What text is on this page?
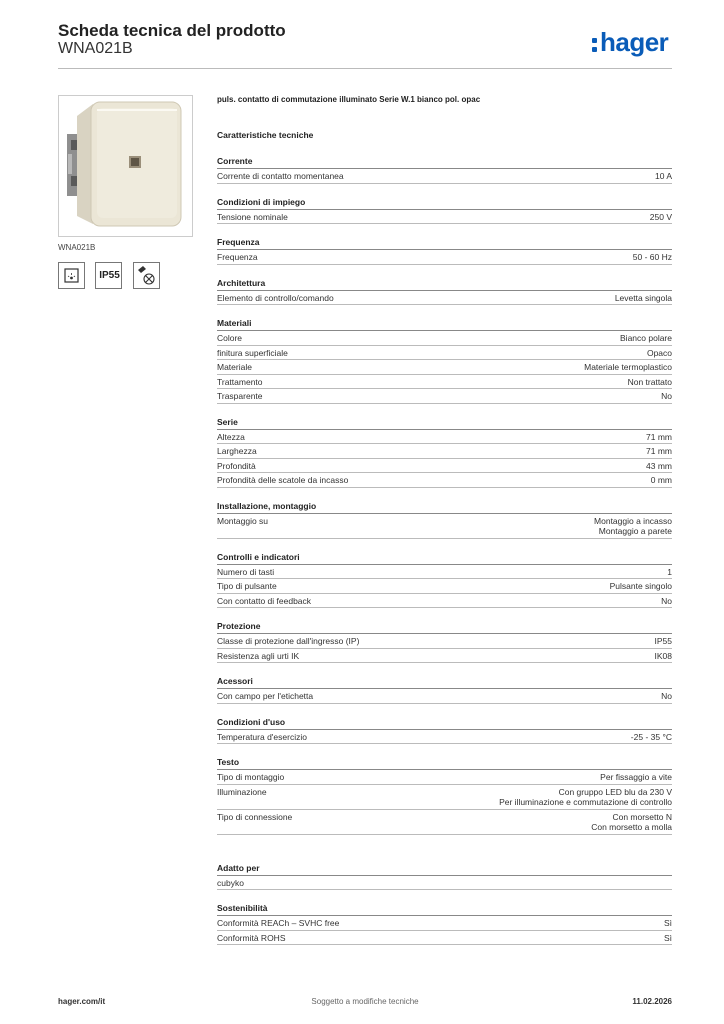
Scheda tecnica del prodotto
WNA021B	hager
WNA021B
IP55
puls. contatto di commutazione illuminato Serie W.1 bianco pol. opac
Caratteristiche tecniche
Corrente
Corrente di contatto momentanea	10 A
Condizioni di impiego
Tensione nominale	250 V
Frequenza
Frequenza	50 - 60 Hz
Architettura
Elemento di controllo/comando	Levetta singola
Materiali
Colore	Bianco polare
finitura superficiale	Opaco
Materiale	Materiale termoplastico
Trattamento	Non trattato
Trasparente	No
Serie
Altezza	71 mm
Larghezza	71 mm
Profondità	43 mm
Profondità delle scatole da incasso	0 mm
Installazione, montaggio
Montaggio su	Montaggio a incasso
Montaggio a parete
Controlli e indicatori
Numero di tasti	1
Tipo di pulsante	Pulsante singolo
Con contatto di feedback	No
Protezione
Classe di protezione dall'ingresso (IP)	IP55
Resistenza agli urti IK	IK08
Acessori
Con campo per l'etichetta	No
Condizioni d'uso
Temperatura d'esercizio	-25 - 35 °C
Testo
Tipo di montaggio	Per fissaggio a vite
Illuminazione	Con gruppo LED blu da 230 V
Per illuminazione e commutazione di controllo
Tipo di connessione	Con morsetto N
Con morsetto a molla
Adatto per
cubyko
Sostenibilità
Conformità REACh – SVHC free	Sì
Conformità ROHS	Sì
hager.com/it	Soggetto a modifiche tecniche	11.02.2026
